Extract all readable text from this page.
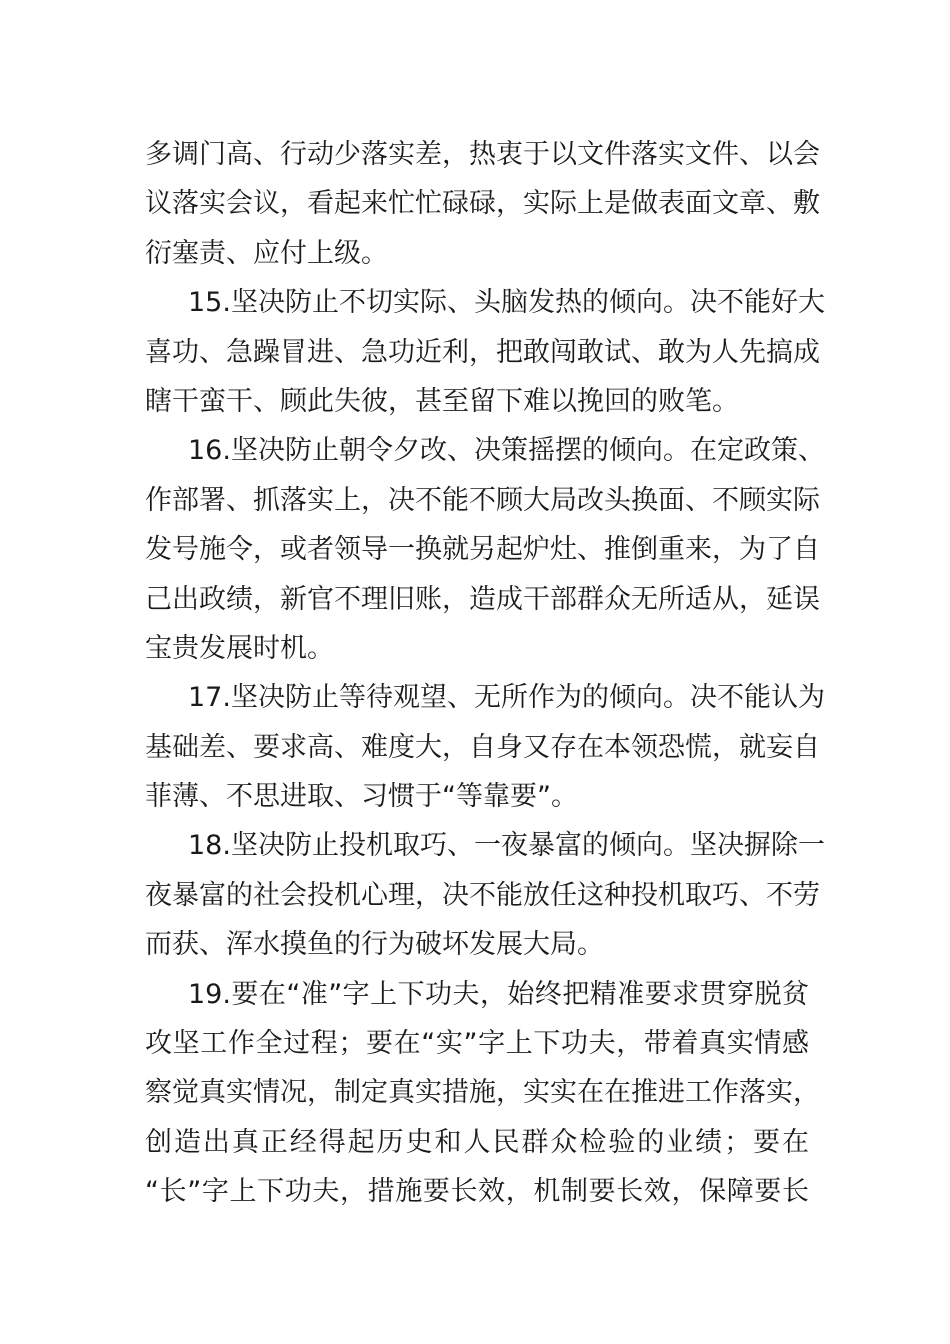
多调门高、行动少落实差，热衷于以文件落实文件、以会
议落实会议，看起来忙忙碌碌，实际上是做表面文章、敷
衍塞责、应付上级。
15.坚决防止不切实际、头脑发热的倾向。决不能好大
喜功、急躁冒进、急功近利，把敢闯敢试、敢为人先搞成
瞎干蛮干、顾此失彼，甚至留下难以挽回的败笔。
16.坚决防止朝令夕改、决策摇摆的倾向。在定政策、
作部署、抓落实上，决不能不顾大局改头换面、不顾实际
发号施令，或者领导一换就另起炉灶、推倒重来，为了自
己出政绩，新官不理旧账，造成干部群众无所适从，延误
宝贵发展时机。
17.坚决防止等待观望、无所作为的倾向。决不能认为
基础差、要求高、难度大，自身又存在本领恐慌，就妄自
菲薄、不思进取、习惯于“等靠要”。
18.坚决防止投机取巧、一夜暴富的倾向。坚决摒除一
夜暴富的社会投机心理，决不能放任这种投机取巧、不劳
而获、浑水摸鱼的行为破坏发展大局。
19.要在“准”字上下功夫，始终把精准要求贯穿脱贫
攻坚工作全过程；要在“实”字上下功夫，带着真实情感
察觉真实情况，制定真实措施，实实在在推进工作落实，
创造出真正经得起历史和人民群众检验的业绩；要在
“长”字上下功夫，措施要长效，机制要长效，保障要长
